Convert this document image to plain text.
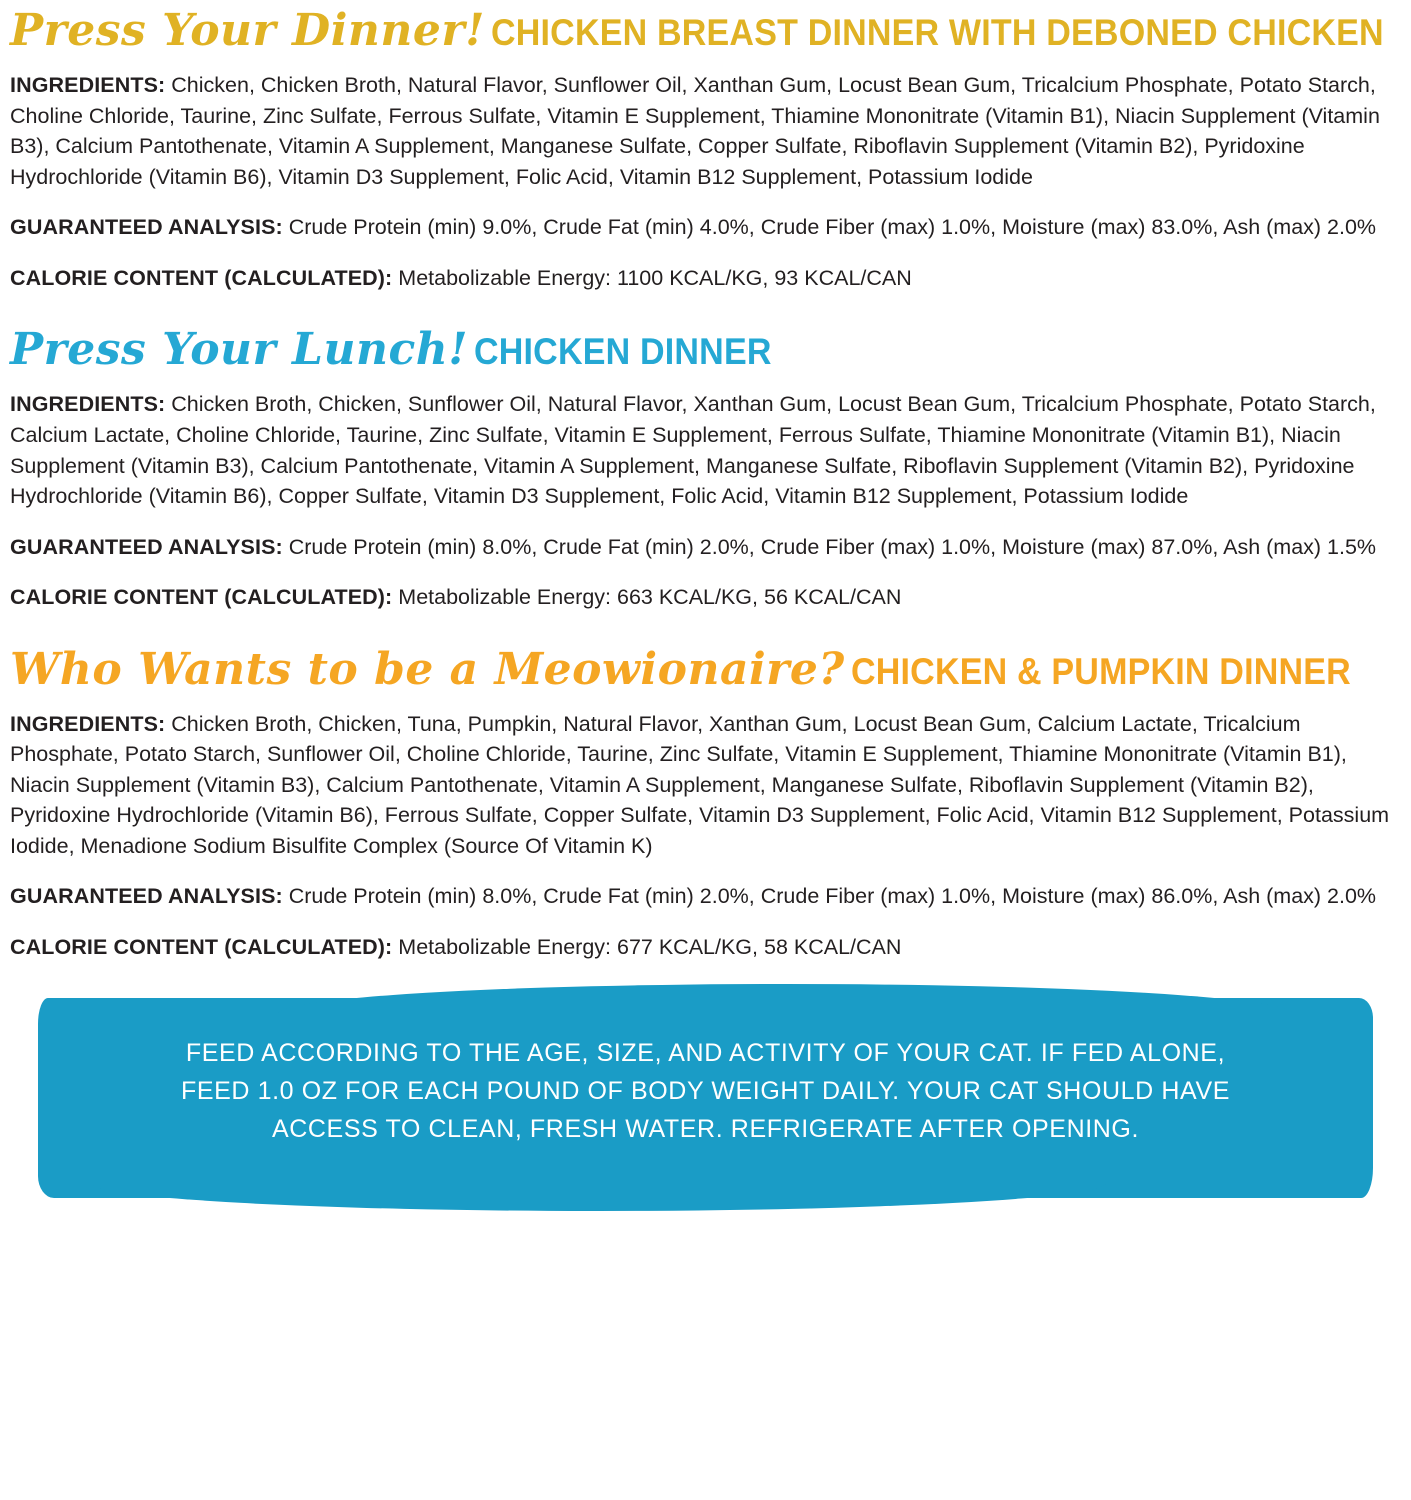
Press Your Dinner! CHICKEN BREAST DINNER WITH DEBONED CHICKEN

INGREDIENTS: Chicken, Chicken Broth, Natural Flavor, Sunflower Oil, Xanthan Gum, Locust Bean Gum, Tricalcium Phosphate, Potato Starch, Choline Chloride, Taurine, Zinc Sulfate, Ferrous Sulfate, Vitamin E Supplement, Thiamine Mononitrate (Vitamin B1), Niacin Supplement (Vitamin B3), Calcium Pantothenate, Vitamin A Supplement, Manganese Sulfate, Copper Sulfate, Riboflavin Supplement (Vitamin B2), Pyridoxine Hydrochloride (Vitamin B6), Vitamin D3 Supplement, Folic Acid, Vitamin B12 Supplement, Potassium Iodide

GUARANTEED ANALYSIS: Crude Protein (min) 9.0%, Crude Fat (min) 4.0%, Crude Fiber (max) 1.0%, Moisture (max) 83.0%, Ash (max) 2.0%

CALORIE CONTENT (CALCULATED): Metabolizable Energy: 1100 KCAL/KG, 93 KCAL/CAN

Press Your Lunch! CHICKEN DINNER

INGREDIENTS: Chicken Broth, Chicken, Sunflower Oil, Natural Flavor, Xanthan Gum, Locust Bean Gum, Tricalcium Phosphate, Potato Starch, Calcium Lactate, Choline Chloride, Taurine, Zinc Sulfate, Vitamin E Supplement, Ferrous Sulfate, Thiamine Mononitrate (Vitamin B1), Niacin Supplement (Vitamin B3), Calcium Pantothenate, Vitamin A Supplement, Manganese Sulfate, Riboflavin Supplement (Vitamin B2), Pyridoxine Hydrochloride (Vitamin B6), Copper Sulfate, Vitamin D3 Supplement, Folic Acid, Vitamin B12 Supplement, Potassium Iodide

GUARANTEED ANALYSIS: Crude Protein (min) 8.0%, Crude Fat (min) 2.0%, Crude Fiber (max) 1.0%, Moisture (max) 87.0%, Ash (max) 1.5%

CALORIE CONTENT (CALCULATED): Metabolizable Energy: 663 KCAL/KG, 56 KCAL/CAN

Who Wants to be a Meowionaire? CHICKEN & PUMPKIN DINNER

INGREDIENTS: Chicken Broth, Chicken, Tuna, Pumpkin, Natural Flavor, Xanthan Gum, Locust Bean Gum, Calcium Lactate, Tricalcium Phosphate, Potato Starch, Sunflower Oil, Choline Chloride, Taurine, Zinc Sulfate, Vitamin E Supplement, Thiamine Mononitrate (Vitamin B1), Niacin Supplement (Vitamin B3), Calcium Pantothenate, Vitamin A Supplement, Manganese Sulfate, Riboflavin Supplement (Vitamin B2), Pyridoxine Hydrochloride (Vitamin B6), Ferrous Sulfate, Copper Sulfate, Vitamin D3 Supplement, Folic Acid, Vitamin B12 Supplement, Potassium Iodide, Menadione Sodium Bisulfite Complex (Source Of Vitamin K)

GUARANTEED ANALYSIS: Crude Protein (min) 8.0%, Crude Fat (min) 2.0%, Crude Fiber (max) 1.0%, Moisture (max) 86.0%, Ash (max) 2.0%

CALORIE CONTENT (CALCULATED): Metabolizable Energy: 677 KCAL/KG, 58 KCAL/CAN

FEED ACCORDING TO THE AGE, SIZE, AND ACTIVITY OF YOUR CAT. IF FED ALONE,
FEED 1.0 OZ FOR EACH POUND OF BODY WEIGHT DAILY. YOUR CAT SHOULD HAVE
ACCESS TO CLEAN, FRESH WATER. REFRIGERATE AFTER OPENING.
